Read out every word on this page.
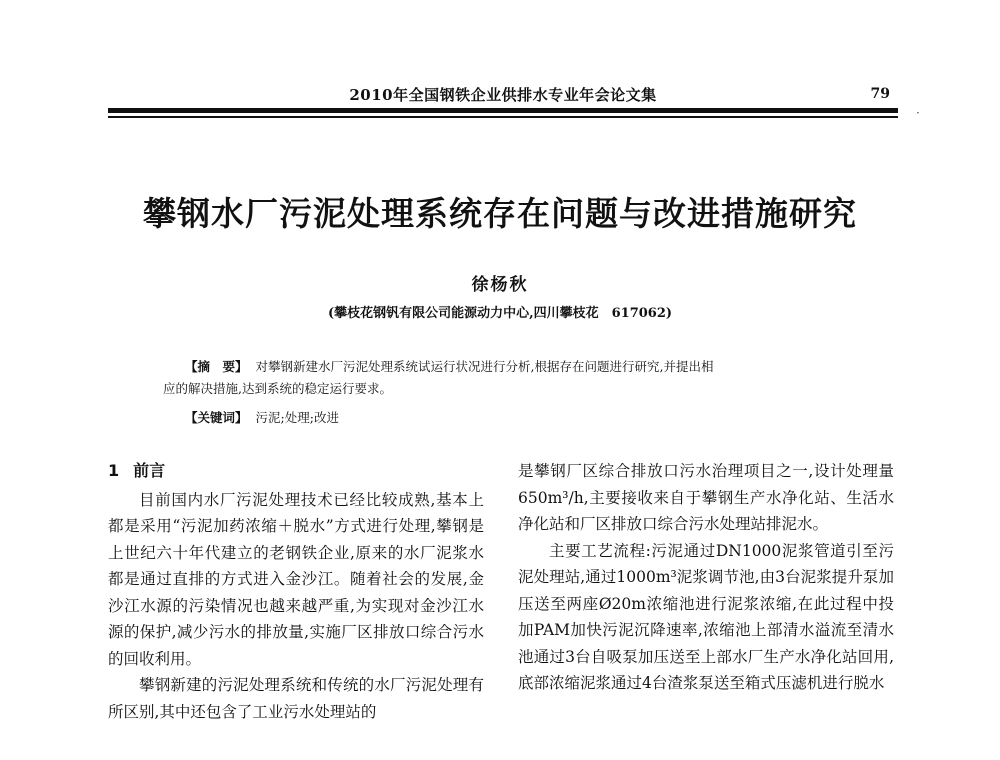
2010年全国钢铁企业供排水专业年会论文集	79
·
攀钢水厂污泥处理系统存在问题与改进措施研究
徐杨秋
(攀枝花钢钒有限公司能源动力中心,四川攀枝花　617062)
【摘　要】 对攀钢新建水厂污泥处理系统试运行状况进行分析,根据存在问题进行研究,并提出相
应的解决措施,达到系统的稳定运行要求。
【关键词】 污泥;处理;改进
1 前言

目前国内水厂污泥处理技术已经比较成熟,基本上都是采用“污泥加药浓缩＋脱水”方式进行处理,攀钢是上世纪六十年代建立的老钢铁企业,原来的水厂泥浆水都是通过直排的方式进入金沙江。随着社会的发展,金沙江水源的污染情况也越来越严重,为实现对金沙江水源的保护,减少污水的排放量,实施厂区排放口综合污水的回收利用。

攀钢新建的污泥处理系统和传统的水厂污泥处理有所区别,其中还包含了工业污水处理站的

是攀钢厂区综合排放口污水治理项目之一,设计处理量650m³/h,主要接收来自于攀钢生产水净化站、生活水净化站和厂区排放口综合污水处理站排泥水。

主要工艺流程:污泥通过DN1000泥浆管道引至污泥处理站,通过1000m³泥浆调节池,由3台泥浆提升泵加压送至两座Ø20m浓缩池进行泥浆浓缩,在此过程中投加PAM加快污泥沉降速率,浓缩池上部清水溢流至清水池通过3台自吸泵加压送至上部水厂生产水净化站回用,底部浓缩泥浆通过4台渣浆泵送至箱式压滤机进行脱水
